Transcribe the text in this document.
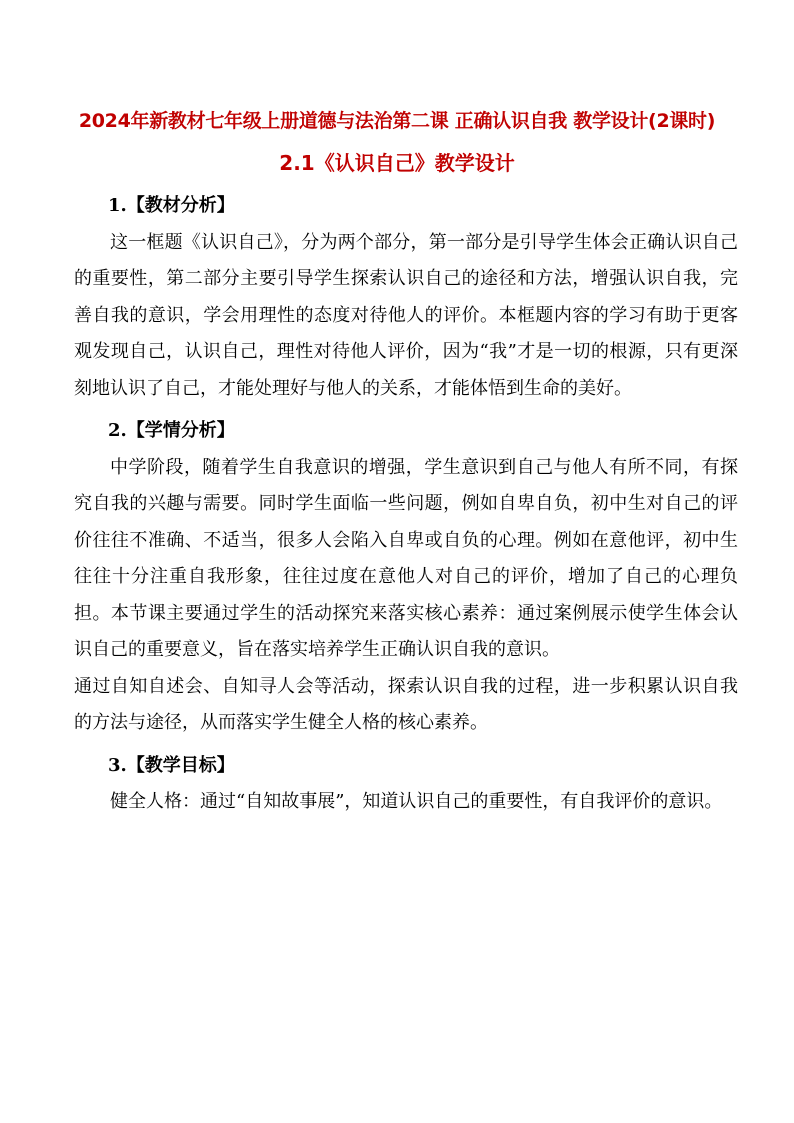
2024年新教材七年级上册道德与法治第二课 正确认识自我 教学设计(2课时)
2.1《认识自己》教学设计

1.【教材分析】

这一框题《认识自己》，分为两个部分，第一部分是引导学生体会正确认识自己的重要性，第二部分主要引导学生探索认识自己的途径和方法，增强认识自我，完善自我的意识，学会用理性的态度对待他人的评价。本框题内容的学习有助于更客观发现自己，认识自己，理性对待他人评价，因为“我”才是一切的根源，只有更深刻地认识了自己，才能处理好与他人的关系，才能体悟到生命的美好。

2.【学情分析】

中学阶段，随着学生自我意识的增强，学生意识到自己与他人有所不同，有探究自我的兴趣与需要。同时学生面临一些问题，例如自卑自负，初中生对自己的评价往往不准确、不适当，很多人会陷入自卑或自负的心理。例如在意他评，初中生往往十分注重自我形象，往往过度在意他人对自己的评价，增加了自己的心理负担。本节课主要通过学生的活动探究来落实核心素养：通过案例展示使学生体会认识自己的重要意义，旨在落实培养学生正确认识自我的意识。

通过自知自述会、自知寻人会等活动，探索认识自我的过程，进一步积累认识自我的方法与途径，从而落实学生健全人格的核心素养。

3.【教学目标】

健全人格：通过“自知故事展”，知道认识自己的重要性，有自我评价的意识。
